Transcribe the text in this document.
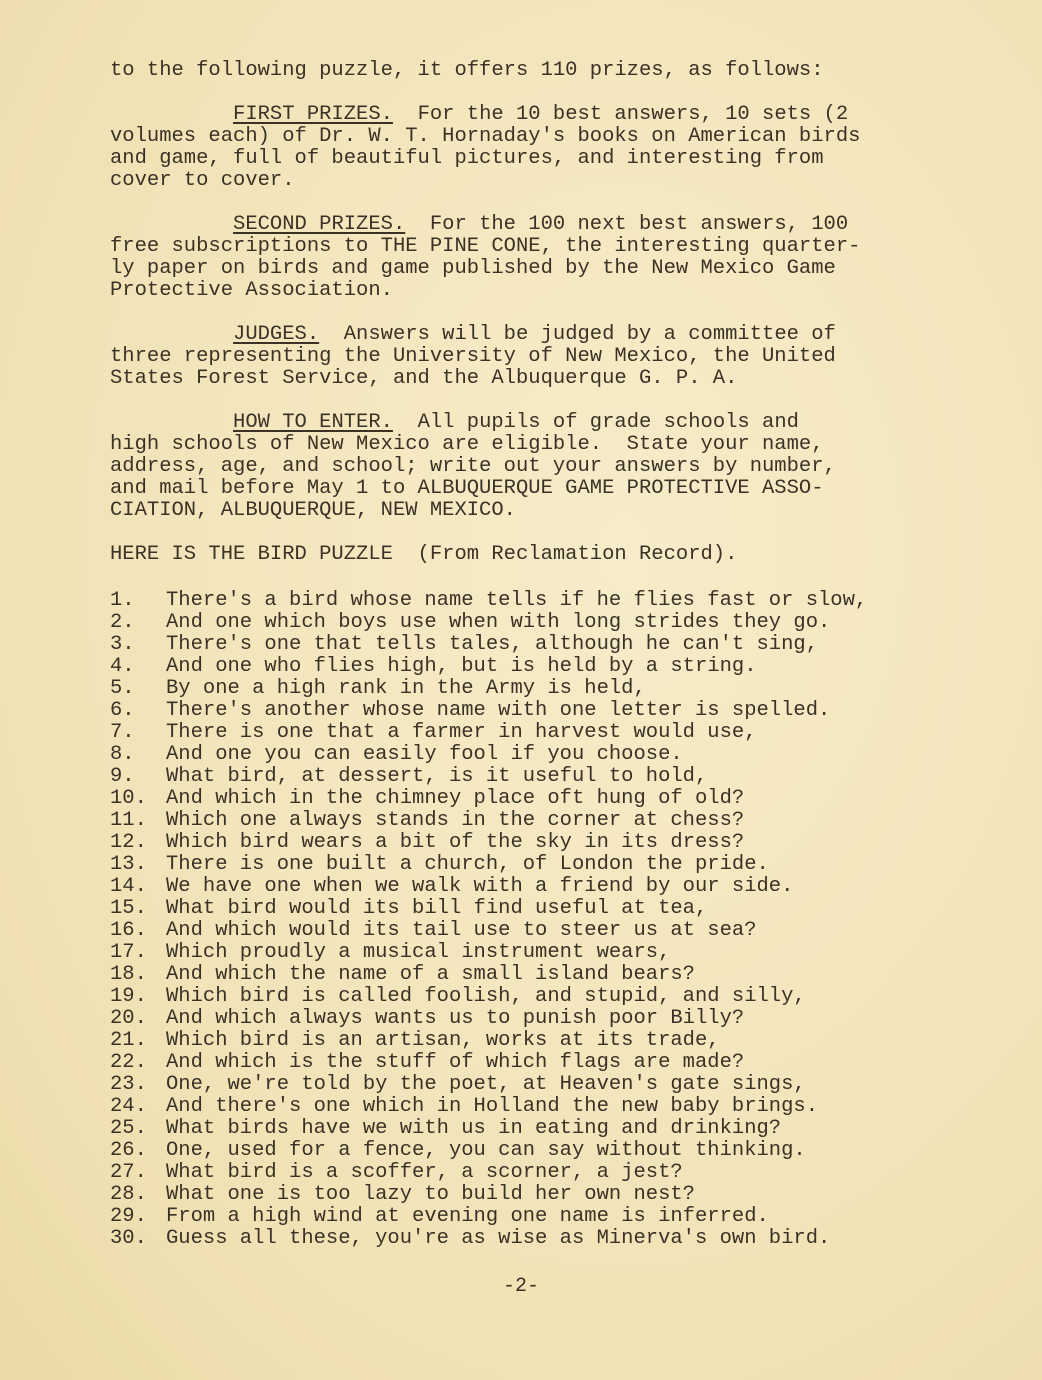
to the following puzzle, it offers 110 prizes, as follows:

FIRST PRIZES.  For the 10 best answers, 10 sets (2
volumes each) of Dr. W. T. Hornaday's books on American birds
and game, full of beautiful pictures, and interesting from
cover to cover.

SECOND PRIZES.  For the 100 next best answers, 100
free subscriptions to THE PINE CONE, the interesting quarter-
ly paper on birds and game published by the New Mexico Game
Protective Association.

JUDGES.  Answers will be judged by a committee of
three representing the University of New Mexico, the United
States Forest Service, and the Albuquerque G. P. A.

HOW TO ENTER.  All pupils of grade schools and
high schools of New Mexico are eligible.  State your name,
address, age, and school; write out your answers by number,
and mail before May 1 to ALBUQUERQUE GAME PROTECTIVE ASSO-
CIATION, ALBUQUERQUE, NEW MEXICO.

HERE IS THE BIRD PUZZLE  (From Reclamation Record).

1.	There's a bird whose name tells if he flies fast or slow,
2.	And one which boys use when with long strides they go.
3.	There's one that tells tales, although he can't sing,
4.	And one who flies high, but is held by a string.
5.	By one a high rank in the Army is held,
6.	There's another whose name with one letter is spelled.
7.	There is one that a farmer in harvest would use,
8.	And one you can easily fool if you choose.
9.	What bird, at dessert, is it useful to hold,
10. And which in the chimney place oft hung of old?
11. Which one always stands in the corner at chess?
12. Which bird wears a bit of the sky in its dress?
13. There is one built a church, of London the pride.
14. We have one when we walk with a friend by our side.
15. What bird would its bill find useful at tea,
16. And which would its tail use to steer us at sea?
17. Which proudly a musical instrument wears,
18. And which the name of a small island bears?
19. Which bird is called foolish, and stupid, and silly,
20. And which always wants us to punish poor Billy?
21. Which bird is an artisan, works at its trade,
22. And which is the stuff of which flags are made?
23. One, we're told by the poet, at Heaven's gate sings,
24. And there's one which in Holland the new baby brings.
25. What birds have we with us in eating and drinking?
26. One, used for a fence, you can say without thinking.
27. What bird is a scoffer, a scorner, a jest?
28. What one is too lazy to build her own nest?
29. From a high wind at evening one name is inferred.
30. Guess all these, you're as wise as Minerva's own bird.
-2-
